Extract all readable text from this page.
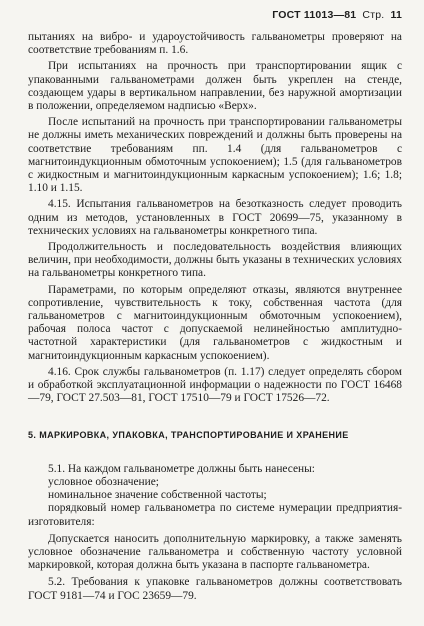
ГОСТ 11013—81 Стр. 11

пытаниях на вибро- и удароустойчивость гальванометры проверяют на соответствие требованиям п. 1.6.

При испытаниях на прочность при транспортировании ящик с упакованными гальванометрами должен быть укреплен на стенде, создающем удары в вертикальном направлении, без наружной амортизации в положении, определяемом надписью «Верх».

После испытаний на прочность при транспортировании гальванометры не должны иметь механических повреждений и должны быть проверены на соответствие требованиям пп. 1.4 (для гальванометров с магнитоиндукционным обмоточным успокоением); 1.5 (для гальванометров с жидкостным и магнитоиндукционным каркасным успокоением); 1.6; 1.8; 1.10 и 1.15.

4.15. Испытания гальванометров на безотказность следует проводить одним из методов, установленных в ГОСТ 20699—75, указанному в технических условиях на гальванометры конкретного типа.

Продолжительность и последовательность воздействия влияющих величин, при необходимости, должны быть указаны в технических условиях на гальванометры конкретного типа.

Параметрами, по которым определяют отказы, являются внутреннее сопротивление, чувствительность к току, собственная частота (для гальванометров с магнитоиндукционным обмоточным успокоением), рабочая полоса частот с допускаемой нелинейностью амплитудно-частотной характеристики (для гальванометров с жидкостным и магнитоиндукционным каркасным успокоением).

4.16. Срок службы гальванометров (п. 1.17) следует определять сбором и обработкой эксплуатационной информации о надежности по ГОСТ 16468—79, ГОСТ 27.503—81, ГОСТ 17510—79 и ГОСТ 17526—72.

5. МАРКИРОВКА, УПАКОВКА, ТРАНСПОРТИРОВАНИЕ И ХРАНЕНИЕ

5.1. На каждом гальванометре должны быть нанесены:

условное обозначение;

номинальное значение собственной частоты;

порядковый номер гальванометра по системе нумерации предприятия-изготовителя:

Допускается наносить дополнительную маркировку, а также заменять условное обозначение гальванометра и собственную частоту условной маркировкой, которая должна быть указана в паспорте гальванометра.

5.2. Требования к упаковке гальванометров должны соответствовать ГОСТ 9181—74 и ГОС 23659—79.
